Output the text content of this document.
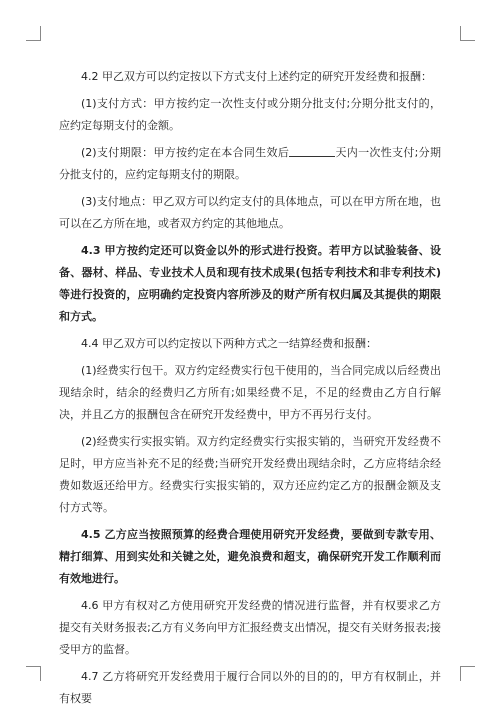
4.2 甲乙双方可以约定按以下方式支付上述约定的研究开发经费和报酬：

(1)支付方式：甲方按约定一次性支付或分期分批支付;分期分批支付的，应约定每期支付的金额。

(2)支付期限：甲方按约定在本合同生效后	天内一次性支付;分期分批支付的，应约定每期支付的期限。

(3)支付地点：甲乙双方可以约定支付的具体地点，可以在甲方所在地，也可以在乙方所在地，或者双方约定的其他地点。

4.3 甲方按约定还可以资金以外的形式进行投资。若甲方以试验装备、设备、器材、样品、专业技术人员和现有技术成果(包括专利技术和非专利技术)等进行投资的，应明确约定投资内容所涉及的财产所有权归属及其提供的期限和方式。

4.4 甲乙双方可以约定按以下两种方式之一结算经费和报酬：

(1)经费实行包干。双方约定经费实行包干使用的，当合同完成以后经费出现结余时，结余的经费归乙方所有;如果经费不足，不足的经费由乙方自行解决，并且乙方的报酬包含在研究开发经费中，甲方不再另行支付。

(2)经费实行实报实销。双方约定经费实行实报实销的，当研究开发经费不足时，甲方应当补充不足的经费;当研究开发经费出现结余时，乙方应将结余经费如数返还给甲方。经费实行实报实销的，双方还应约定乙方的报酬金额及支付方式等。

4.5 乙方应当按照预算的经费合理使用研究开发经费，要做到专款专用、精打细算、用到实处和关键之处，避免浪费和超支，确保研究开发工作顺利而有效地进行。

4.6 甲方有权对乙方使用研究开发经费的情况进行监督，并有权要求乙方提交有关财务报表;乙方有义务向甲方汇报经费支出情况，提交有关财务报表;接受甲方的监督。

4.7 乙方将研究开发经费用于履行合同以外的目的的，甲方有权制止，并有权要
